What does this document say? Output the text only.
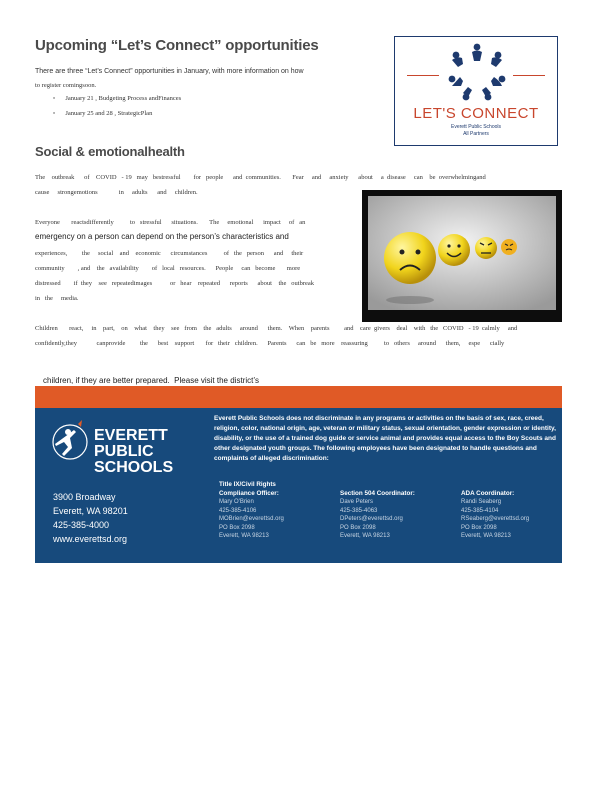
Upcoming “Let’s Connect” opportunities
There are three “Let’s Connect” opportunities in January, with more information on how
to register comingsoon.
▫ January 21 , Budgeting Process andFinances
▫ January 25 and 28 , StrategicPlan	LET'S CONNECT
Everett Public Schools
All Partners
Social & emotionalhealth
The    outbreak      of    COVID   - 19   may   bestressful        for   people      and  communities.       Fear     and     anxiety      about     a  disease     can    be  overwhelmingand
cause     strongemotions             in     adults      and     children.
Everyone       reactsdifferently          to   stressful      situations.       The     emotional      impact     of   an
emergency on a person can depend on the person’s characteristics and
experiences,         the     social    and    economic      circumstances          of   the   person      and     their
community        , and    the   availability        of   local   resources.      People     can   become       more
distressed        if  they    see   repeatedimages           or   hear    repeated      reports      about    the   outbreak
in   the     media.
Children       react,     in    part,    on    what    they    see   from    the   adults     around      them.    When    parents         and    care  givers    deal    with   the   COVID   - 19  calmly     and
confidently,they            canprovide         the      best    support       for   their   children.      Parents      can   be   more    reassuring          to   others     around      them,     espe      cially

children, if they are better prepared.  Please visit the district’s

EVERETT
PUBLIC
SCHOOLS
3900 Broadway
Everett, WA 98201
425-385-4000
www.everettsd.org
Everett Public Schools does not discriminate in any programs or activities on the basis of sex, race, creed, religion, color, national origin, age, veteran or military status, sexual orientation, gender expression or identity, disability, or the use of a trained dog guide or service animal and provides equal access to the Boy Scouts and other designated youth groups. The following employees have been designated to handle questions and complaints of alleged discrimination:
Title IX/Civil Rights
Compliance Officer:
Mary O'Brien
425-385-4106
MOBrien@everettsd.org
PO Box 2098
Everett, WA 98213
Section 504 Coordinator:
Dave Peters
425-385-4063
DPeters@everettsd.org
PO Box 2098
Everett, WA 98213
ADA Coordinator:
Randi Seaberg
425-385-4104
RSeaberg@everettsd.org
PO Box 2098
Everett, WA 98213
